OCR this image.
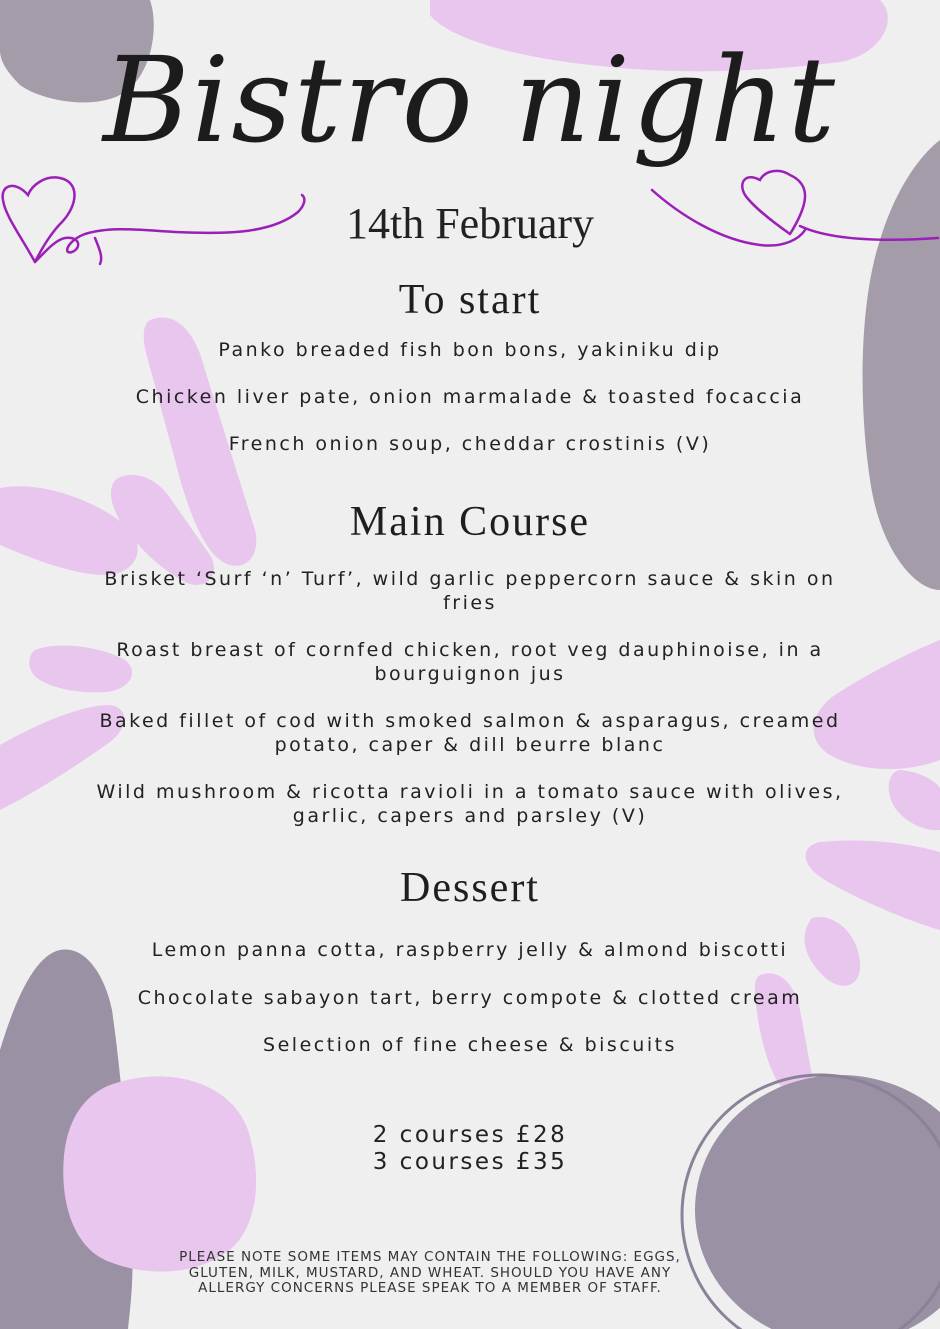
Bistro night
14th February
To start
Panko breaded fish bon bons, yakiniku dip
Chicken liver pate, onion marmalade & toasted focaccia
French onion soup, cheddar crostinis (V)
Main Course
Brisket ‘Surf ‘n’ Turf’, wild garlic peppercorn sauce & skin on fries
Roast breast of cornfed chicken, root veg dauphinoise, in a bourguignon jus
Baked fillet of cod with smoked salmon & asparagus, creamed potato, caper & dill beurre blanc
Wild mushroom & ricotta ravioli in a tomato sauce with olives, garlic, capers and parsley (V)
Dessert
Lemon panna cotta, raspberry jelly & almond biscotti
Chocolate sabayon tart, berry compote & clotted cream
Selection of fine cheese & biscuits
2 courses £28
3 courses £35
PLEASE NOTE SOME ITEMS MAY CONTAIN THE FOLLOWING: EGGS, GLUTEN, MILK, MUSTARD, AND WHEAT. SHOULD YOU HAVE ANY ALLERGY CONCERNS PLEASE SPEAK TO A MEMBER OF STAFF.
